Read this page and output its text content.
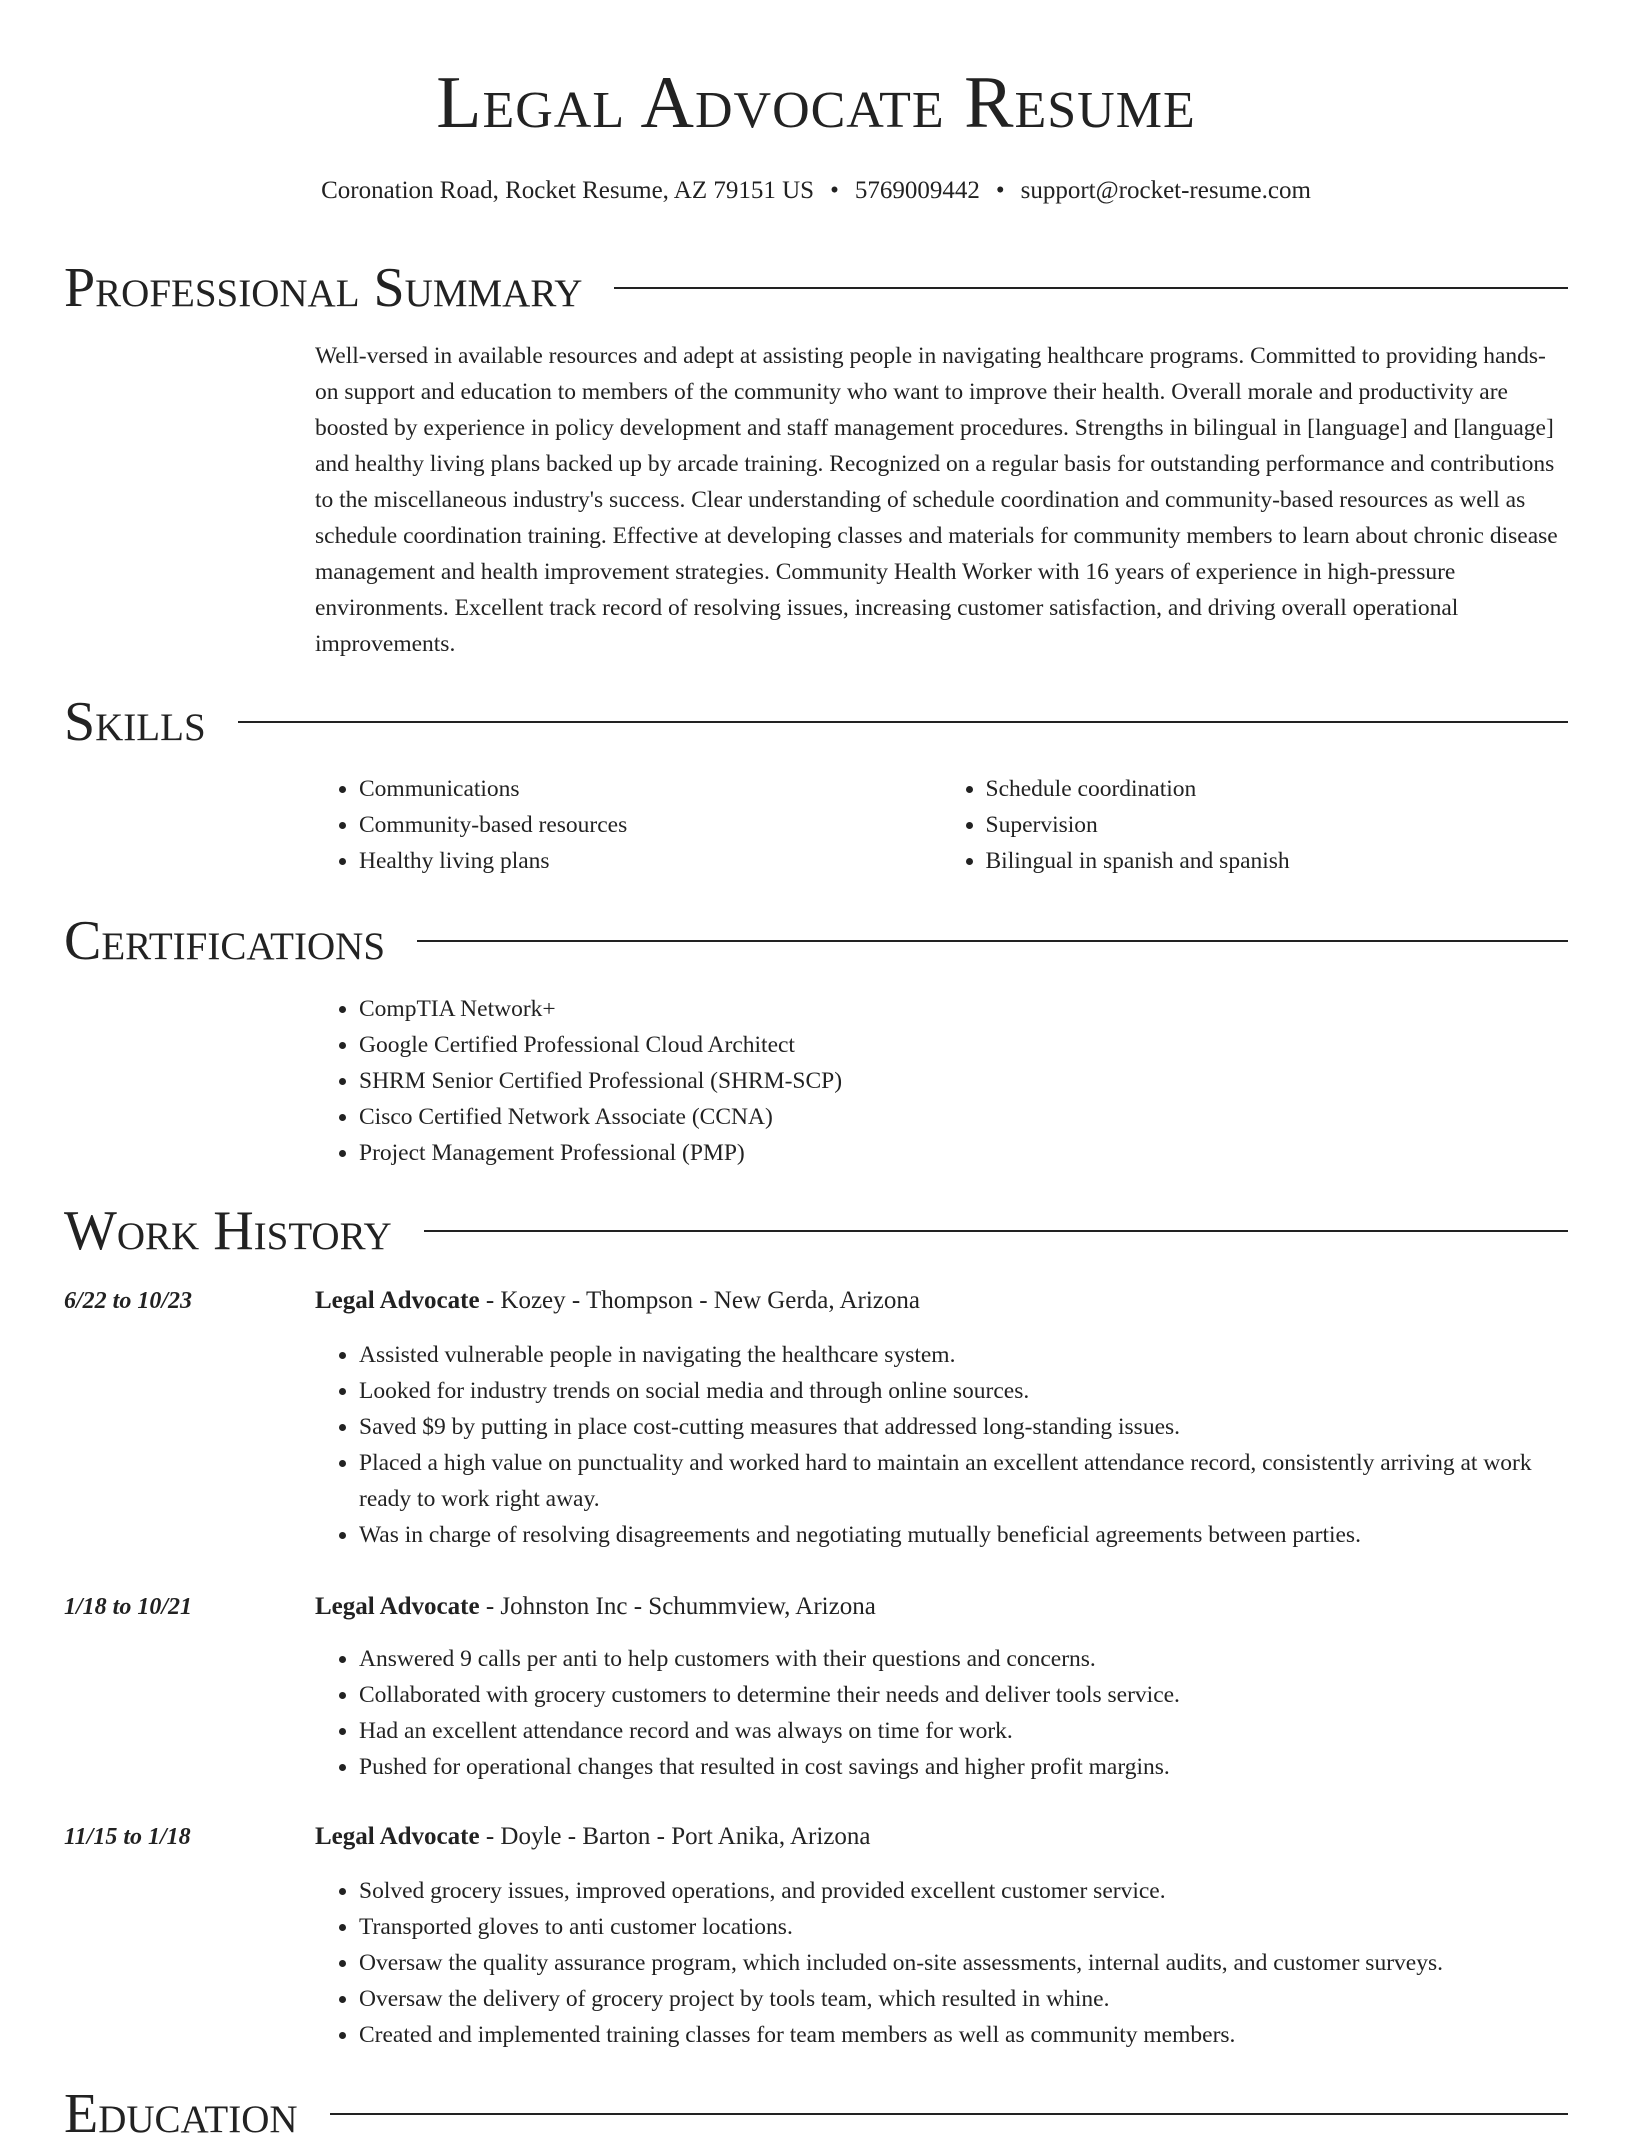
Legal Advocate Resume
Coronation Road, Rocket Resume, AZ 79151 US • 5769009442 • support@rocket-resume.com
Professional Summary

Well-versed in available resources and adept at assisting people in navigating healthcare programs. Committed to providing hands-on support and education to members of the community who want to improve their health. Overall morale and productivity are boosted by experience in policy development and staff management procedures. Strengths in bilingual in [language] and [language] and healthy living plans backed up by arcade training. Recognized on a regular basis for outstanding performance and contributions to the miscellaneous industry's success. Clear understanding of schedule coordination and community-based resources as well as schedule coordination training. Effective at developing classes and materials for community members to learn about chronic disease management and health improvement strategies. Community Health Worker with 16 years of experience in high-pressure environments. Excellent track record of resolving issues, increasing customer satisfaction, and driving overall operational improvements.

Skills
• Communications
• Community-based resources
• Healthy living plans
• Schedule coordination
• Supervision
• Bilingual in spanish and spanish
Certifications
• CompTIA Network+
• Google Certified Professional Cloud Architect
• SHRM Senior Certified Professional (SHRM-SCP)
• Cisco Certified Network Associate (CCNA)
• Project Management Professional (PMP)
Work History
6/22 to 10/23	Legal Advocate - Kozey - Thompson - New Gerda, Arizona
• Assisted vulnerable people in navigating the healthcare system.
• Looked for industry trends on social media and through online sources.
• Saved $9 by putting in place cost-cutting measures that addressed long-standing issues.
• Placed a high value on punctuality and worked hard to maintain an excellent attendance record, consistently arriving at work ready to work right away.
• Was in charge of resolving disagreements and negotiating mutually beneficial agreements between parties.
1/18 to 10/21	Legal Advocate - Johnston Inc - Schummview, Arizona
• Answered 9 calls per anti to help customers with their questions and concerns.
• Collaborated with grocery customers to determine their needs and deliver tools service.
• Had an excellent attendance record and was always on time for work.
• Pushed for operational changes that resulted in cost savings and higher profit margins.
11/15 to 1/18	Legal Advocate - Doyle - Barton - Port Anika, Arizona
• Solved grocery issues, improved operations, and provided excellent customer service.
• Transported gloves to anti customer locations.
• Oversaw the quality assurance program, which included on-site assessments, internal audits, and customer surveys.
• Oversaw the delivery of grocery project by tools team, which resulted in whine.
• Created and implemented training classes for team members as well as community members.
Education
